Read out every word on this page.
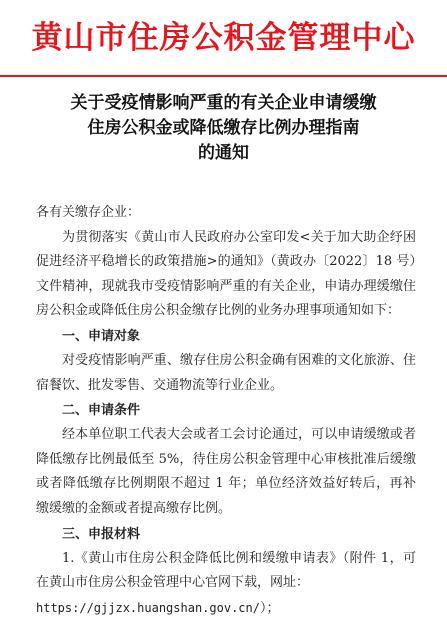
黄山市住房公积金管理中心
关于受疫情影响严重的有关企业申请缓缴
住房公积金或降低缴存比例办理指南
的通知

各有关缴存企业：

为贯彻落实《黄山市人民政府办公室印发<关于加大助企纾困促进经济平稳增长的政策措施>的通知》（黄政办〔2022〕18 号）文件精神，现就我市受疫情影响严重的有关企业，申请办理缓缴住房公积金或降低住房公积金缴存比例的业务办理事项通知如下：

一、申请对象

对受疫情影响严重、缴存住房公积金确有困难的文化旅游、住宿餐饮、批发零售、交通物流等行业企业。

二、申请条件

经本单位职工代表大会或者工会讨论通过，可以申请缓缴或者降低缴存比例最低至 5%，待住房公积金管理中心审核批准后缓缴或者降低缴存比例期限不超过 1 年；单位经济效益好转后，再补缴缓缴的金额或者提高缴存比例。

三、申报材料

1.《黄山市住房公积金降低比例和缓缴申请表》（附件 1，可在黄山市住房公积金管理中心官网下载，网址：

https://gjjzx.huangshan.gov.cn/）；
